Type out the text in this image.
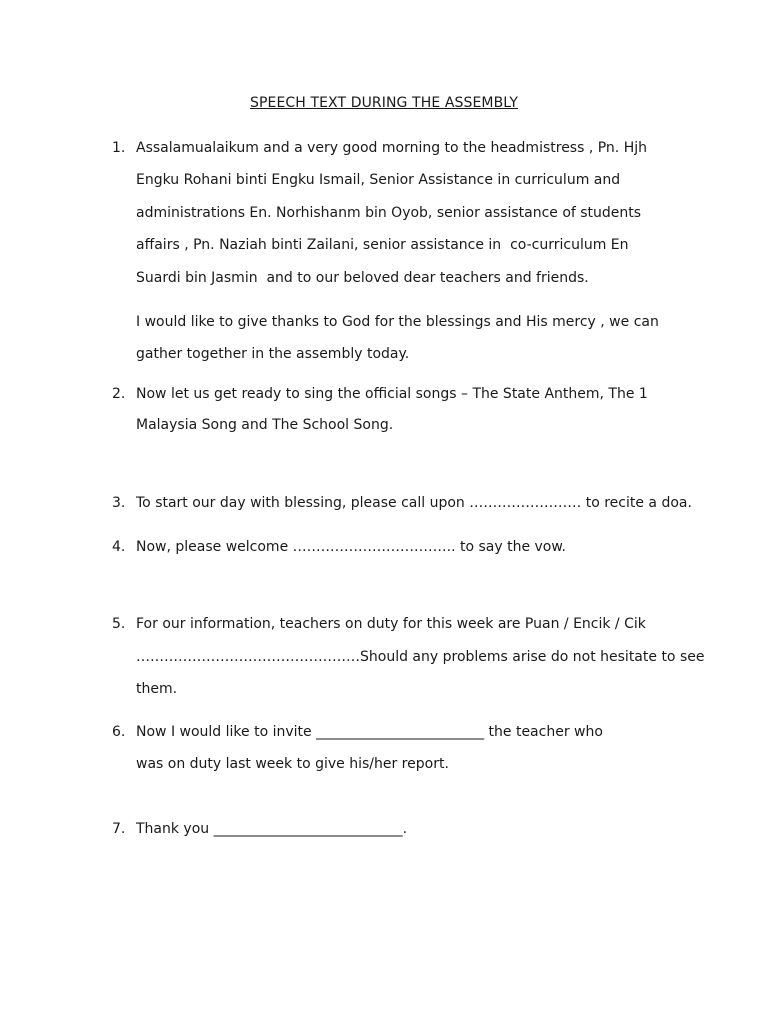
SPEECH TEXT DURING THE ASSEMBLY
1. Assalamualaikum and a very good morning to the headmistress , Pn. Hjh
Engku Rohani binti Engku Ismail, Senior Assistance in curriculum and
administrations En. Norhishanm bin Oyob, senior assistance of students
affairs , Pn. Naziah binti Zailani, senior assistance in  co-curriculum En
Suardi bin Jasmin  and to our beloved dear teachers and friends.
I would like to give thanks to God for the blessings and His mercy , we can
gather together in the assembly today.
2. Now let us get ready to sing the official songs – The State Anthem, The 1
Malaysia Song and The School Song.
3. To start our day with blessing, please call upon …………………… to recite a doa.
4. Now, please welcome …………………………….. to say the vow.
5. For our information, teachers on duty for this week are Puan / Encik / Cik
…………………………………………Should any problems arise do not hesitate to see
them.
6. Now I would like to invite ________________________ the teacher who
was on duty last week to give his/her report.
7. Thank you ___________________________.
